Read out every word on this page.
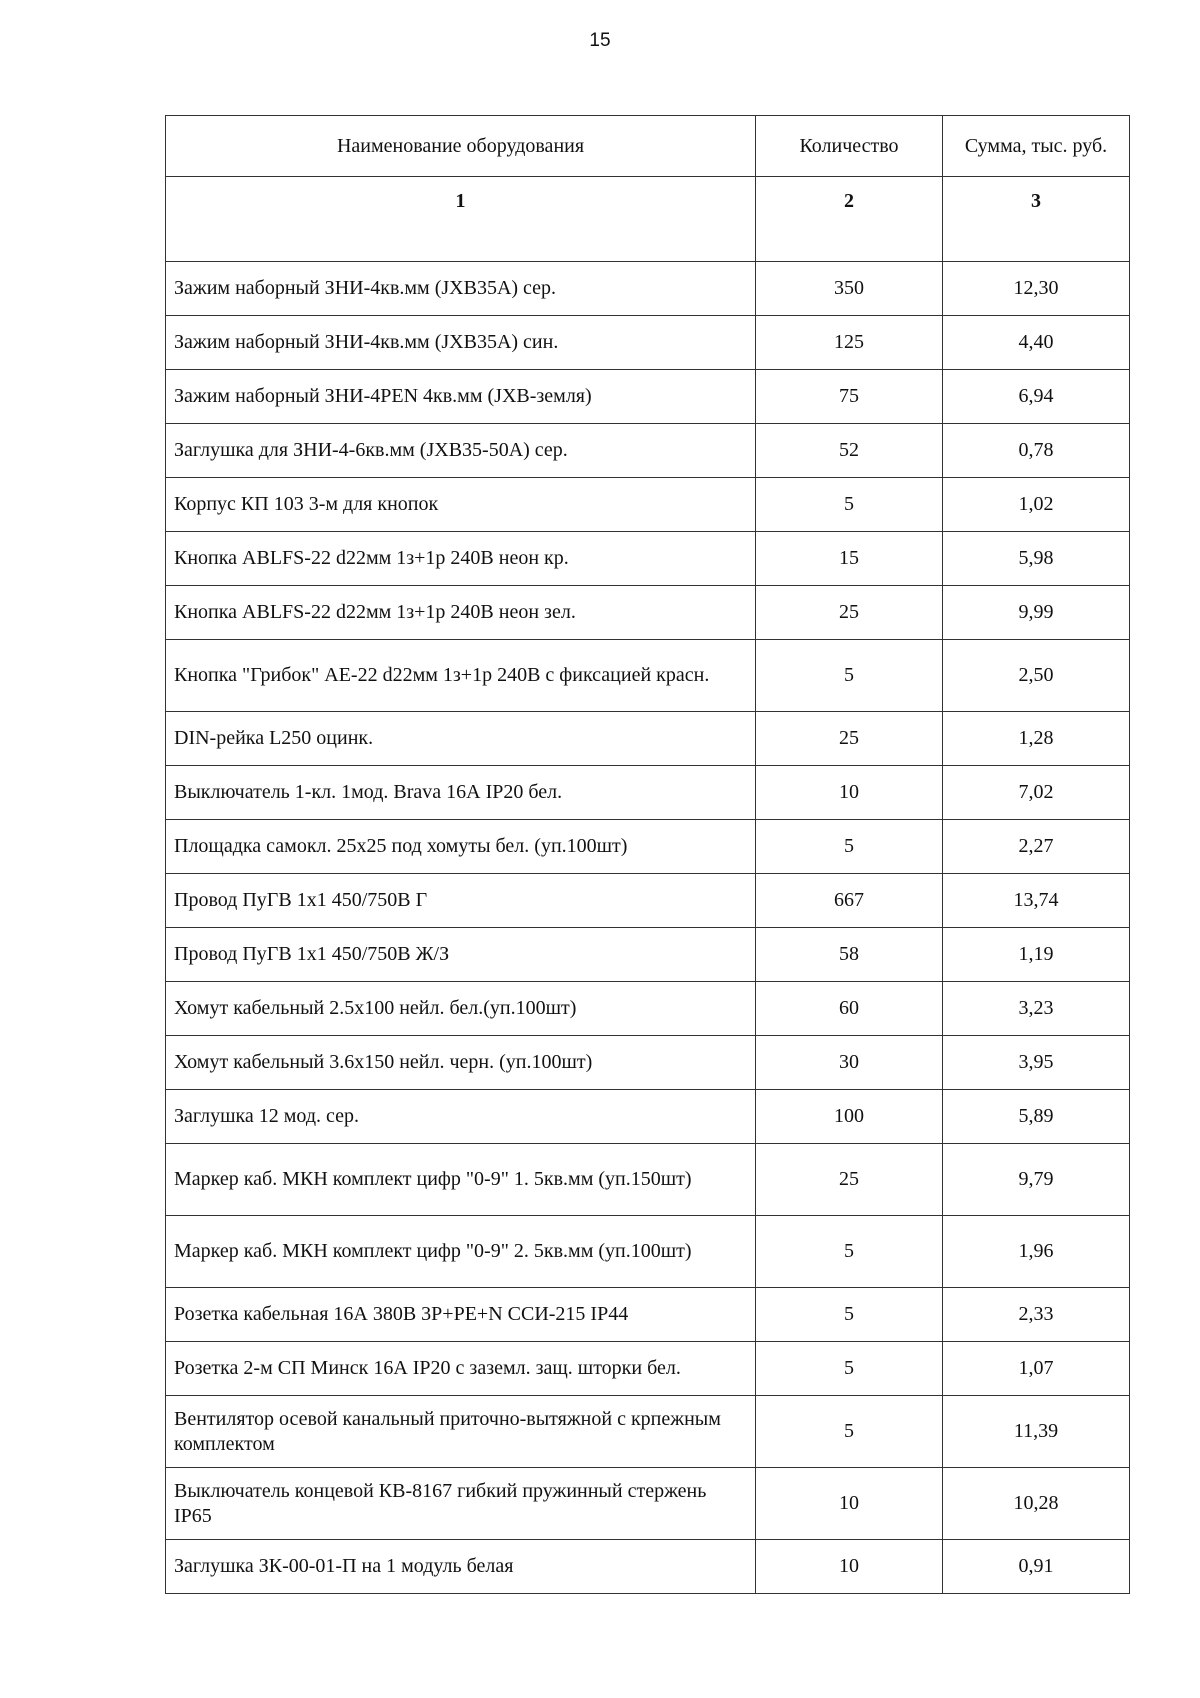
15
Наименование оборудования	Количество	Сумма, тыс. руб.
1	2	3
Зажим наборный ЗНИ-4кв.мм (JXB35A) сер.	350	12,30
Зажим наборный ЗНИ-4кв.мм (JXB35A) син.	125	4,40
Зажим наборный ЗНИ-4PEN 4кв.мм (JXB-земля)	75	6,94
Заглушка для ЗНИ-4-6кв.мм (JXB35-50A) сер.	52	0,78
Корпус КП 103 3-м для кнопок	5	1,02
Кнопка ABLFS-22 d22мм 1з+1р 240В неон кр.	15	5,98
Кнопка ABLFS-22 d22мм 1з+1р 240В неон зел.	25	9,99
Кнопка "Грибок" AE-22 d22мм 1з+1р 240В с фиксацией красн.	5	2,50
DIN-рейка L250 оцинк.	25	1,28
Выключатель 1-кл. 1мод. Brava 16А IP20 бел.	10	7,02
Площадка самокл. 25х25 под хомуты бел. (уп.100шт)	5	2,27
Провод ПуГВ 1х1 450/750В Г	667	13,74
Провод ПуГВ 1х1 450/750В Ж/З	58	1,19
Хомут кабельный 2.5х100 нейл. бел.(уп.100шт)	60	3,23
Хомут кабельный 3.6х150 нейл. черн. (уп.100шт)	30	3,95
Заглушка 12 мод. сер.	100	5,89
Маркер каб. МКН комплект цифр "0-9" 1. 5кв.мм (уп.150шт)	25	9,79
Маркер каб. МКН комплект цифр "0-9" 2. 5кв.мм (уп.100шт)	5	1,96
Розетка кабельная 16А 380В 3Р+РЕ+N ССИ-215 IP44	5	2,33
Розетка 2-м СП Минск 16А IP20 с заземл. защ. шторки бел.	5	1,07
Вентилятор осевой канальный приточно-вытяжной с крпежным комплектом	5	11,39
Выключатель концевой КВ-8167 гибкий пружинный стержень IP65	10	10,28
Заглушка ЗК-00-01-П на 1 модуль белая	10	0,91
